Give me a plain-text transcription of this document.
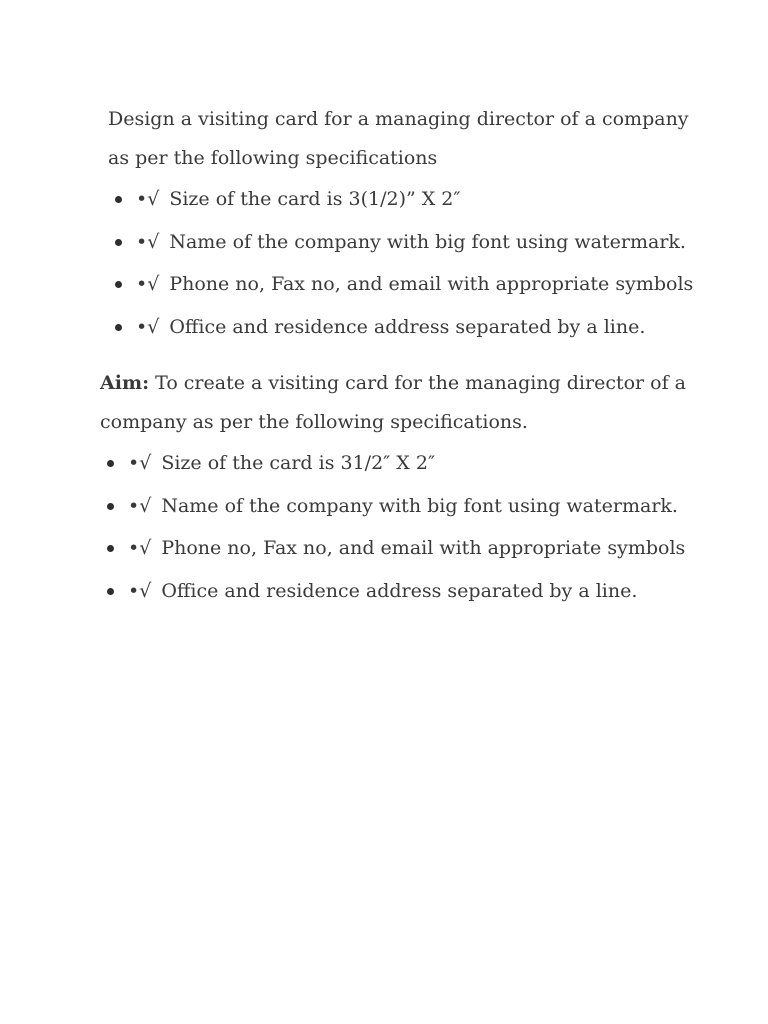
Design a visiting card for a managing director of a company

as per the following specifications

•√ Size of the card is 3(1/2)” X 2″
•√ Name of the company with big font using watermark.
•√ Phone no, Fax no, and email with appropriate symbols
•√ Office and residence address separated by a line.

Aim: To create a visiting card for the managing director of a

company as per the following specifications.

•√ Size of the card is 31/2″ X 2″
•√ Name of the company with big font using watermark.
•√ Phone no, Fax no, and email with appropriate symbols
•√ Office and residence address separated by a line.
